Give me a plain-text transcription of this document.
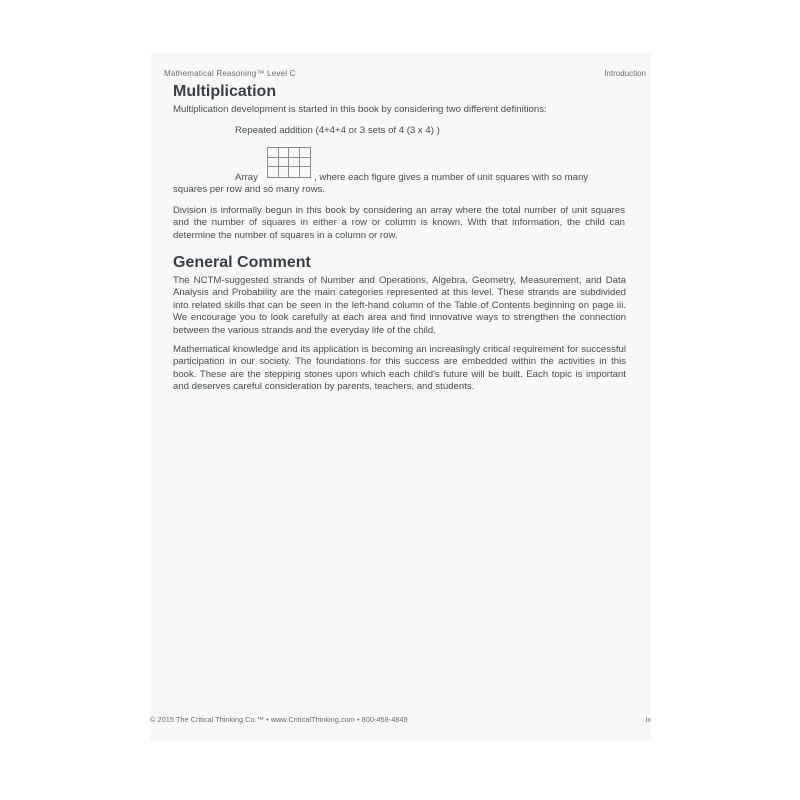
Mathematical Reasoning™ Level C	Introduction
Multiplication

Multiplication development is started in this book by considering two different definitions:

Repeated addition (4+4+4 or 3 sets of 4 (3 x 4) )

Array	, where each figure gives a number of unit squares with so many
squares per row and so many rows.

Division is informally begun in this book by considering an array where the total number of unit squares and the number of squares in either a row or column is known. With that information, the child can determine the number of squares in a column or row.

General Comment

The NCTM-suggested strands of Number and Operations, Algebra, Geometry, Measurement, and Data Analysis and Probability are the main categories represented at this level. These strands are subdivided into related skills that can be seen in the left-hand column of the Table of Contents beginning on page iii. We encourage you to look carefully at each area and find innovative ways to strengthen the connection between the various strands and the everyday life of the child.

Mathematical knowledge and its application is becoming an increasingly critical requirement for successful participation in our society. The foundations for this success are embedded within the activities in this book. These are the stepping stones upon which each child's future will be built. Each topic is important and deserves careful consideration by parents, teachers, and students.

© 2015 The Critical Thinking Co.™ • www.CriticalThinking.com • 800-458-4849	ix
